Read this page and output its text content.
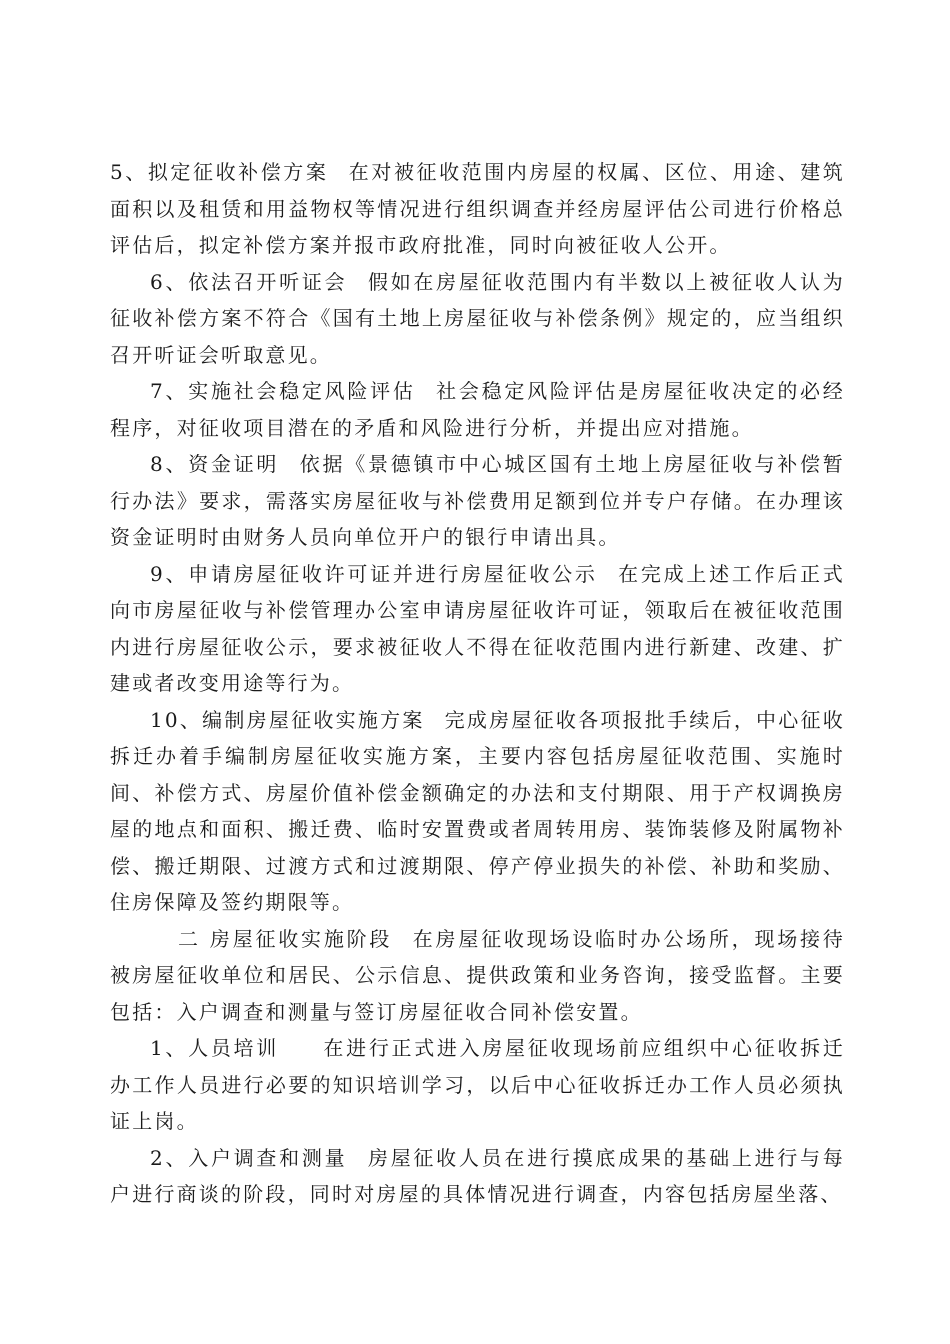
5、拟定征收补偿方案 在对被征收范围内房屋的权属、区位、用途、建筑面积以及租赁和用益物权等情况进行组织调查并经房屋评估公司进行价格总评估后，拟定补偿方案并报市政府批准，同时向被征收人公开。

6、依法召开听证会 假如在房屋征收范围内有半数以上被征收人认为征收补偿方案不符合《国有土地上房屋征收与补偿条例》规定的，应当组织召开听证会听取意见。

7、实施社会稳定风险评估 社会稳定风险评估是房屋征收决定的必经程序，对征收项目潜在的矛盾和风险进行分析，并提出应对措施。

8、资金证明 依据《景德镇市中心城区国有土地上房屋征收与补偿暂行办法》要求，需落实房屋征收与补偿费用足额到位并专户存储。在办理该资金证明时由财务人员向单位开户的银行申请出具。

9、申请房屋征收许可证并进行房屋征收公示 在完成上述工作后正式向市房屋征收与补偿管理办公室申请房屋征收许可证，领取后在被征收范围内进行房屋征收公示，要求被征收人不得在征收范围内进行新建、改建、扩建或者改变用途等行为。

10、编制房屋征收实施方案 完成房屋征收各项报批手续后，中心征收拆迁办着手编制房屋征收实施方案，主要内容包括房屋征收范围、实施时间、补偿方式、房屋价值补偿金额确定的办法和支付期限、用于产权调换房屋的地点和面积、搬迁费、临时安置费或者周转用房、装饰装修及附属物补偿、搬迁期限、过渡方式和过渡期限、停产停业损失的补偿、补助和奖励、住房保障及签约期限等。

二 房屋征收实施阶段 在房屋征收现场设临时办公场所，现场接待被房屋征收单位和居民、公示信息、提供政策和业务咨询，接受监督。主要包括：入户调查和测量与签订房屋征收合同补偿安置。

1、人员培训 在进行正式进入房屋征收现场前应组织中心征收拆迁办工作人员进行必要的知识培训学习，以后中心征收拆迁办工作人员必须执证上岗。

2、入户调查和测量 房屋征收人员在进行摸底成果的基础上进行与每户进行商谈的阶段，同时对房屋的具体情况进行调查，内容包括房屋坐落、
